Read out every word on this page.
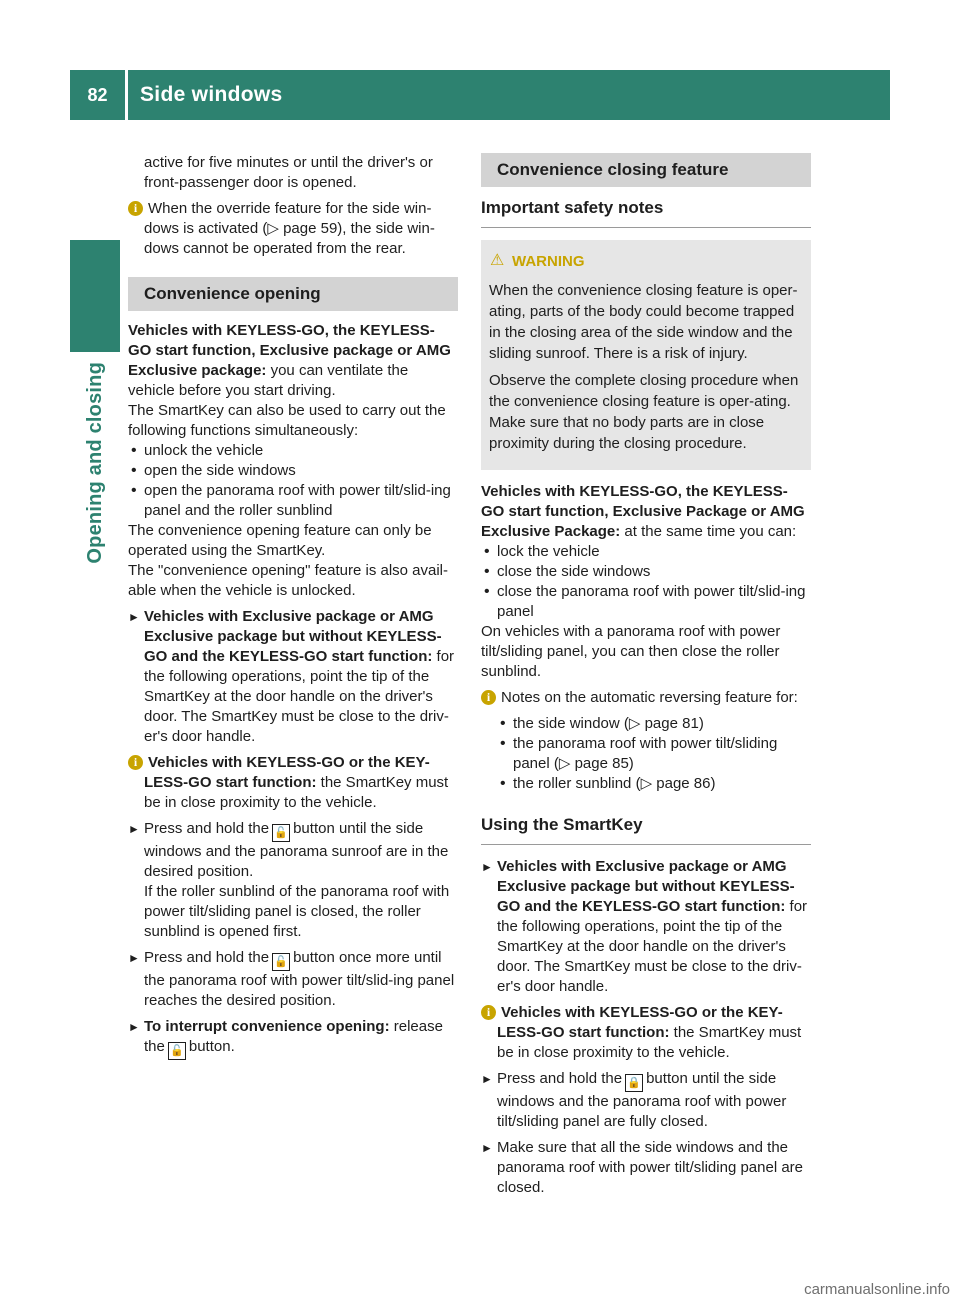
82	Side windows
Opening and closing

active for five minutes or until the driver's or front-passenger door is opened.

i When the override feature for the side win-dows is activated (▷ page 59), the side win-dows cannot be operated from the rear.
Convenience opening

Vehicles with KEYLESS-GO, the KEYLESS-GO start function, Exclusive package or AMG Exclusive package: you can ventilate the vehicle before you start driving.

The SmartKey can also be used to carry out the following functions simultaneously:

• unlock the vehicle
• open the side windows
• open the panorama roof with power tilt/slid-ing panel and the roller sunblind

The convenience opening feature can only be operated using the SmartKey.

The "convenience opening" feature is also avail-able when the vehicle is unlocked.

► Vehicles with Exclusive package or AMG Exclusive package but without KEYLESS-GO and the KEYLESS-GO start function: for the following operations, point the tip of the SmartKey at the door handle on the driver's door. The SmartKey must be close to the driv-er's door handle.
i Vehicles with KEYLESS-GO or the KEY-LESS-GO start function: the SmartKey must be in close proximity to the vehicle.
► Press and hold the 🔓 button until the side windows and the panorama sunroof are in the desired position.
If the roller sunblind of the panorama roof with power tilt/sliding panel is closed, the roller sunblind is opened first.
► Press and hold the 🔓 button once more until the panorama roof with power tilt/slid-ing panel reaches the desired position.
► To interrupt convenience opening: release the 🔓 button.
Convenience closing feature
Important safety notes
⚠ WARNING

When the convenience closing feature is oper-ating, parts of the body could become trapped in the closing area of the side window and the sliding sunroof. There is a risk of injury.

Observe the complete closing procedure when the convenience closing feature is oper-ating. Make sure that no body parts are in close proximity during the closing procedure.

Vehicles with KEYLESS-GO, the KEYLESS-GO start function, Exclusive Package or AMG Exclusive Package: at the same time you can:

• lock the vehicle
• close the side windows
• close the panorama roof with power tilt/slid-ing panel

On vehicles with a panorama roof with power tilt/sliding panel, you can then close the roller sunblind.

i Notes on the automatic reversing feature for:
• the side window (▷ page 81)
• the panorama roof with power tilt/sliding panel (▷ page 85)
• the roller sunblind (▷ page 86)
Using the SmartKey
► Vehicles with Exclusive package or AMG Exclusive package but without KEYLESS-GO and the KEYLESS-GO start function: for the following operations, point the tip of the SmartKey at the door handle on the driver's door. The SmartKey must be close to the driv-er's door handle.
i Vehicles with KEYLESS-GO or the KEY-LESS-GO start function: the SmartKey must be in close proximity to the vehicle.
► Press and hold the 🔒 button until the side windows and the panorama roof with power tilt/sliding panel are fully closed.
► Make sure that all the side windows and the panorama roof with power tilt/sliding panel are closed.
carmanualsonline.info
